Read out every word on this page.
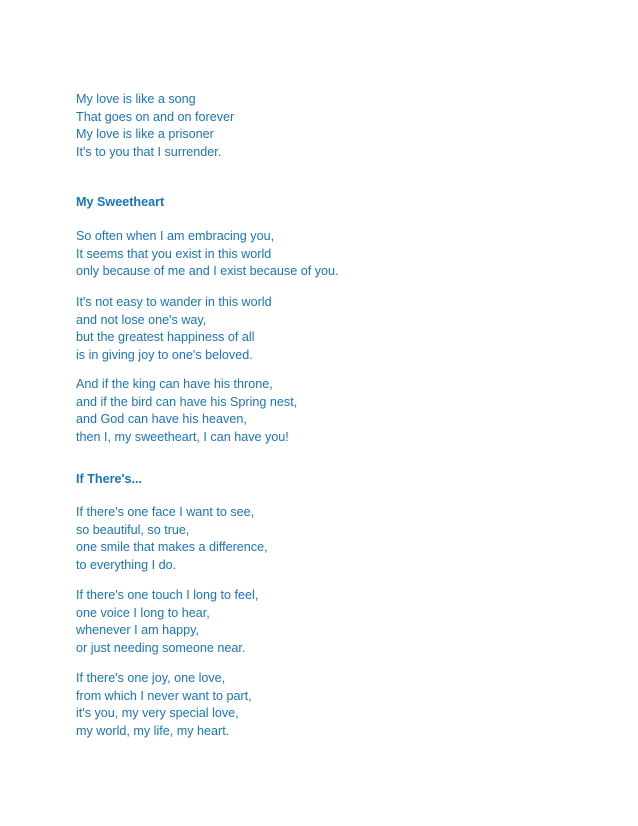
My love is like a song
That goes on and on forever
My love is like a prisoner
It's to you that I surrender.
My Sweetheart
So often when I am embracing you,
It seems that you exist in this world
only because of me and I exist because of you.
It's not easy to wander in this world
and not lose one's way,
but the greatest happiness of all
is in giving joy to one's beloved.
And if the king can have his throne,
and if the bird can have his Spring nest,
and God can have his heaven,
then I, my sweetheart, I can have you!
If There's...
If there's one face I want to see,
so beautiful, so true,
one smile that makes a difference,
to everything I do.
If there's one touch I long to feel,
one voice I long to hear,
whenever I am happy,
or just needing someone near.
If there's one joy, one love,
from which I never want to part,
it's you, my very special love,
my world, my life, my heart.
